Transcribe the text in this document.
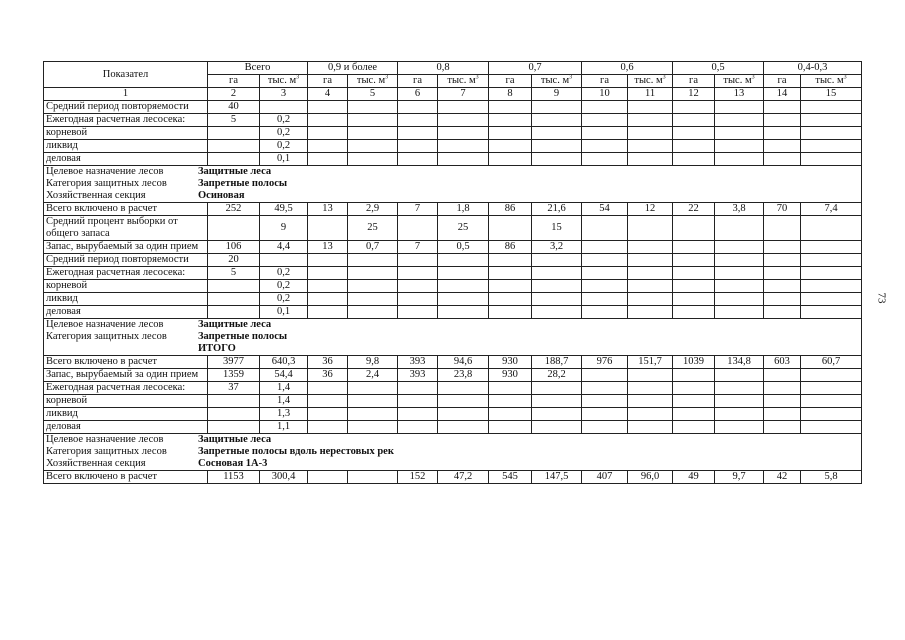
73
Показател	Всего		0,9 и более		0,8		0,7		0,6		0,5		0,4-0,3	
	га	тыс. $м^3$	га	тыс. $м^3$	га	тыс. $м^3$	га	тыс. $м^3$	га	тыс. $м^3$	га	тыс. $м^3$	га	тыс. $м^3$
1	2	3	4	5	6	7	8	9	10	11	12	13	14	15
Средний период повторяемости	40													
Ежегодная расчетная лесосека:	5	0,2												
корневой		0,2												
ликвид		0,2												
деловая		0,1												

Целевое назначение лесов Защитные леса														

Категория защитных лесов Запретные полосы														

Хозяйственная секция Осиновая														

Всего включено в расчет	252	49,5	13	2,9	7	1,8	86	21,6	54	12	22	3,8	70	7,4
Средний процент выборки от общего запаса		9		25		25		15						
Запас, вырубаемый за один прием	106	4,4	13	0,7	7	0,5	86	3,2						
Средний период повторяемости	20													
Ежегодная расчетная лесосека:	5	0,2												
корневой		0,2												
ликвид		0,2												
деловая		0,1												

Целевое назначение лесов Защитные леса														

Категория защитных лесов Запретные полосы														

ИТОГО														

Всего включено в расчет	3977	640,3	36	9,8	393	94,6	930	188,7	976	151,7	1039	134,8	603	60,7
Запас, вырубаемый за один прием	1359	54,4	36	2,4	393	23,8	930	28,2						
Ежегодная расчетная лесосека:	37	1,4												
корневой		1,4												
ликвид		1,3												
деловая		1,1												

Целевое назначение лесов Защитные леса														

Категория защитных лесов Запретные полосы вдоль нерестовых рек														

Хозяйственная секция Сосновая 1А-3														

Всего включено в расчет	1153	300,4			152	47,2	545	147,5	407	96,0	49	9,7	42	5,8
